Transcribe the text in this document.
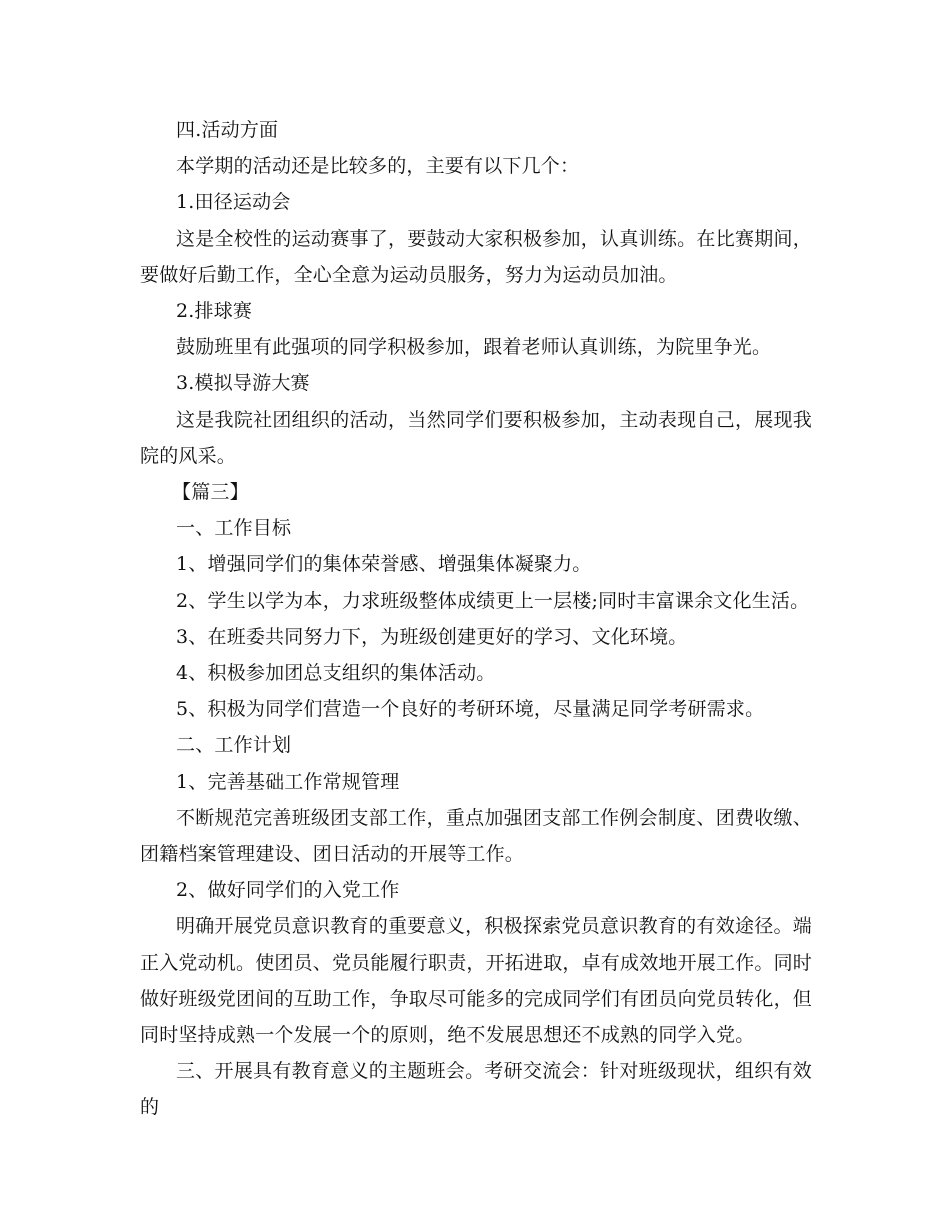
四.活动方面

本学期的活动还是比较多的，主要有以下几个：

1.田径运动会

这是全校性的运动赛事了，要鼓动大家积极参加，认真训练。在比赛期间，要做好后勤工作，全心全意为运动员服务，努力为运动员加油。

2.排球赛

鼓励班里有此强项的同学积极参加，跟着老师认真训练，为院里争光。

3.模拟导游大赛

这是我院社团组织的活动，当然同学们要积极参加，主动表现自己，展现我院的风采。

【篇三】

一、工作目标

1、增强同学们的集体荣誉感、增强集体凝聚力。

2、学生以学为本，力求班级整体成绩更上一层楼;同时丰富课余文化生活。

3、在班委共同努力下，为班级创建更好的学习、文化环境。

4、积极参加团总支组织的集体活动。

5、积极为同学们营造一个良好的考研环境，尽量满足同学考研需求。

二、工作计划

1、完善基础工作常规管理

不断规范完善班级团支部工作，重点加强团支部工作例会制度、团费收缴、团籍档案管理建设、团日活动的开展等工作。

2、做好同学们的入党工作

明确开展党员意识教育的重要意义，积极探索党员意识教育的有效途径。端正入党动机。使团员、党员能履行职责，开拓进取，卓有成效地开展工作。同时做好班级党团间的互助工作，争取尽可能多的完成同学们有团员向党员转化，但同时坚持成熟一个发展一个的原则，绝不发展思想还不成熟的同学入党。

三、开展具有教育意义的主题班会。考研交流会：针对班级现状，组织有效的
